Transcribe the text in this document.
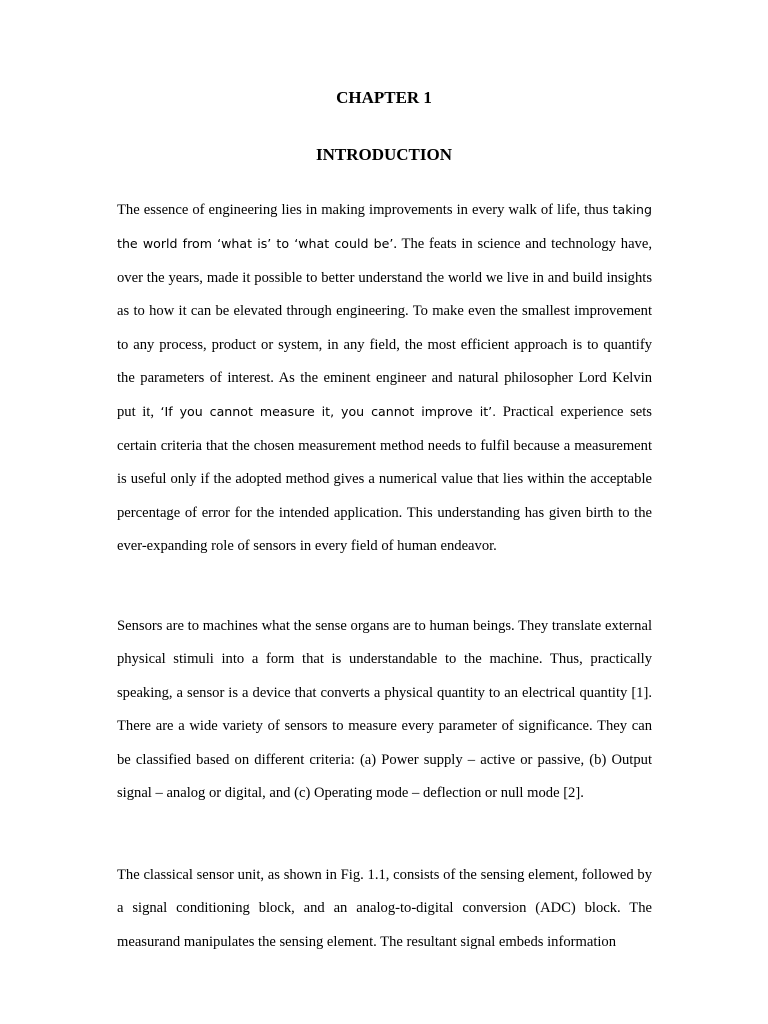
CHAPTER 1
INTRODUCTION

The essence of engineering lies in making improvements in every walk of life, thus taking the world from ‘what is’ to ‘what could be’. The feats in science and technology have, over the years, made it possible to better understand the world we live in and build insights as to how it can be elevated through engineering. To make even the smallest improvement to any process, product or system, in any field, the most efficient approach is to quantify the parameters of interest. As the eminent engineer and natural philosopher Lord Kelvin put it, ‘If you cannot measure it, you cannot improve it’. Practical experience sets certain criteria that the chosen measurement method needs to fulfil because a measurement is useful only if the adopted method gives a numerical value that lies within the acceptable percentage of error for the intended application. This understanding has given birth to the ever-expanding role of sensors in every field of human endeavor.

Sensors are to machines what the sense organs are to human beings. They translate external physical stimuli into a form that is understandable to the machine. Thus, practically speaking, a sensor is a device that converts a physical quantity to an electrical quantity [1]. There are a wide variety of sensors to measure every parameter of significance. They can be classified based on different criteria: (a) Power supply – active or passive, (b) Output signal – analog or digital, and (c) Operating mode – deflection or null mode [2].

The classical sensor unit, as shown in Fig. 1.1, consists of the sensing element, followed by a signal conditioning block, and an analog-to-digital conversion (ADC) block. The measurand manipulates the sensing element. The resultant signal embeds information
